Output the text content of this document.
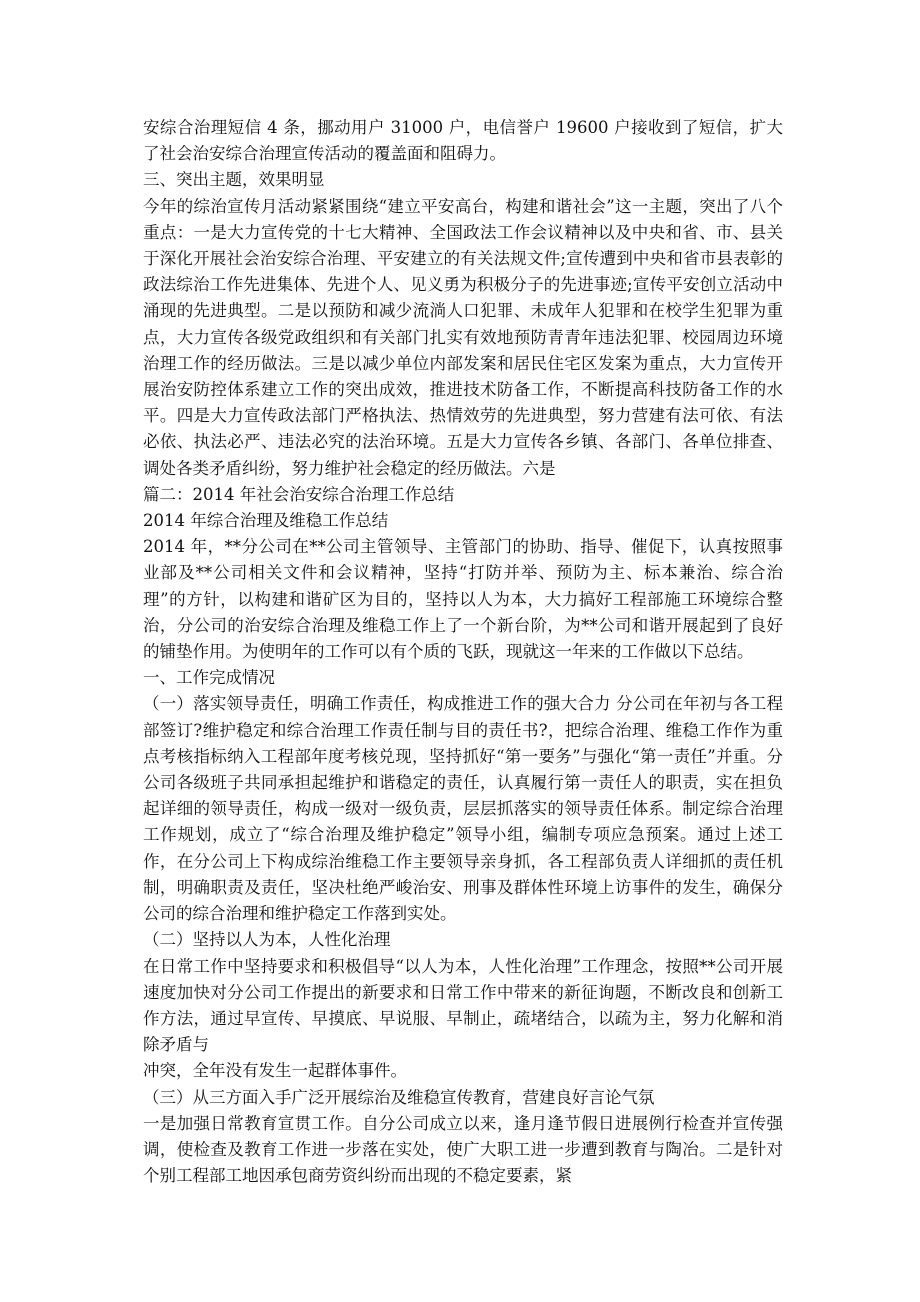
安综合治理短信 4 条，挪动用户 31000 户，电信誉户 19600 户接收到了短信，扩大了社会治安综合治理宣传活动的覆盖面和阻碍力。

三、突出主题，效果明显

今年的综治宣传月活动紧紧围绕“建立平安高台，构建和谐社会”这一主题，突出了八个重点：一是大力宣传党的十七大精神、全国政法工作会议精神以及中央和省、市、县关于深化开展社会治安综合治理、平安建立的有关法规文件;宣传遭到中央和省市县表彰的政法综治工作先进集体、先进个人、见义勇为积极分子的先进事迹;宣传平安创立活动中涌现的先进典型。二是以预防和减少流淌人口犯罪、未成年人犯罪和在校学生犯罪为重点，大力宣传各级党政组织和有关部门扎实有效地预防青青年违法犯罪、校园周边环境治理工作的经历做法。三是以减少单位内部发案和居民住宅区发案为重点，大力宣传开展治安防控体系建立工作的突出成效，推进技术防备工作，不断提高科技防备工作的水平。四是大力宣传政法部门严格执法、热情效劳的先进典型，努力营建有法可依、有法必依、执法必严、违法必究的法治环境。五是大力宣传各乡镇、各部门、各单位排查、调处各类矛盾纠纷，努力维护社会稳定的经历做法。六是

篇二：2014 年社会治安综合治理工作总结

2014 年综合治理及维稳工作总结

2014 年，**分公司在**公司主管领导、主管部门的协助、指导、催促下，认真按照事业部及**公司相关文件和会议精神，坚持“打防并举、预防为主、标本兼治、综合治理”的方针，以构建和谐矿区为目的，坚持以人为本，大力搞好工程部施工环境综合整治，分公司的治安综合治理及维稳工作上了一个新台阶，为**公司和谐开展起到了良好的铺垫作用。为使明年的工作可以有个质的飞跃，现就这一年来的工作做以下总结。

一、工作完成情况

（一）落实领导责任，明确工作责任，构成推进工作的强大合力 分公司在年初与各工程部签订?维护稳定和综合治理工作责任制与目的责任书?，把综合治理、维稳工作作为重点考核指标纳入工程部年度考核兑现，坚持抓好“第一要务”与强化“第一责任”并重。分公司各级班子共同承担起维护和谐稳定的责任，认真履行第一责任人的职责，实在担负起详细的领导责任，构成一级对一级负责，层层抓落实的领导责任体系。制定综合治理工作规划，成立了“综合治理及维护稳定”领导小组，编制专项应急预案。通过上述工作，在分公司上下构成综治维稳工作主要领导亲身抓，各工程部负责人详细抓的责任机制，明确职责及责任，坚决杜绝严峻治安、刑事及群体性环境上访事件的发生，确保分公司的综合治理和维护稳定工作落到实处。

（二）坚持以人为本，人性化治理

在日常工作中坚持要求和积极倡导“以人为本，人性化治理”工作理念，按照**公司开展速度加快对分公司工作提出的新要求和日常工作中带来的新征询题，不断改良和创新工作方法，通过早宣传、早摸底、早说服、早制止，疏堵结合，以疏为主，努力化解和消除矛盾与

冲突，全年没有发生一起群体事件。

（三）从三方面入手广泛开展综治及维稳宣传教育，营建良好言论气氛

一是加强日常教育宣贯工作。自分公司成立以来，逢月逢节假日进展例行检查并宣传强调，使检查及教育工作进一步落在实处，使广大职工进一步遭到教育与陶冶。二是针对个别工程部工地因承包商劳资纠纷而出现的不稳定要素，紧
